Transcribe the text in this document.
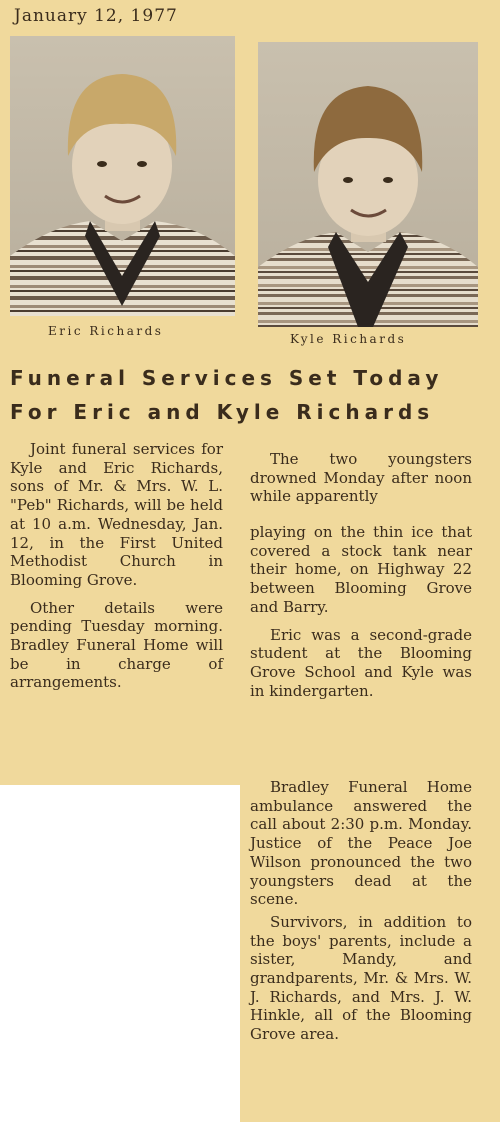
January 12, 1977
Eric Richards
Kyle Richards
Funeral Services Set Today
For Eric and Kyle Richards

Joint funeral services for Kyle and Eric Richards, sons of Mr. & Mrs. W. L. "Peb" Richards, will be held at 10 a.m. Wednesday, Jan. 12, in the First United Methodist Church in Blooming Grove.

Other details were pending Tuesday morning. Bradley Funeral Home will be in charge of arrangements.

The two youngsters drowned Monday after noon while apparently

playing on the thin ice that covered a stock tank near their home, on Highway 22 between Blooming Grove and Barry.

Eric was a second-grade student at the Blooming Grove School and Kyle was in kindergarten.

Bradley Funeral Home ambulance answered the call about 2:30 p.m. Monday. Justice of the Peace Joe Wilson pronounced the two youngsters dead at the scene.

Survivors, in addition to the boys' parents, include a sister, Mandy, and grandparents, Mr. & Mrs. W. J. Richards, and Mrs. J. W. Hinkle, all of the Blooming Grove area.
